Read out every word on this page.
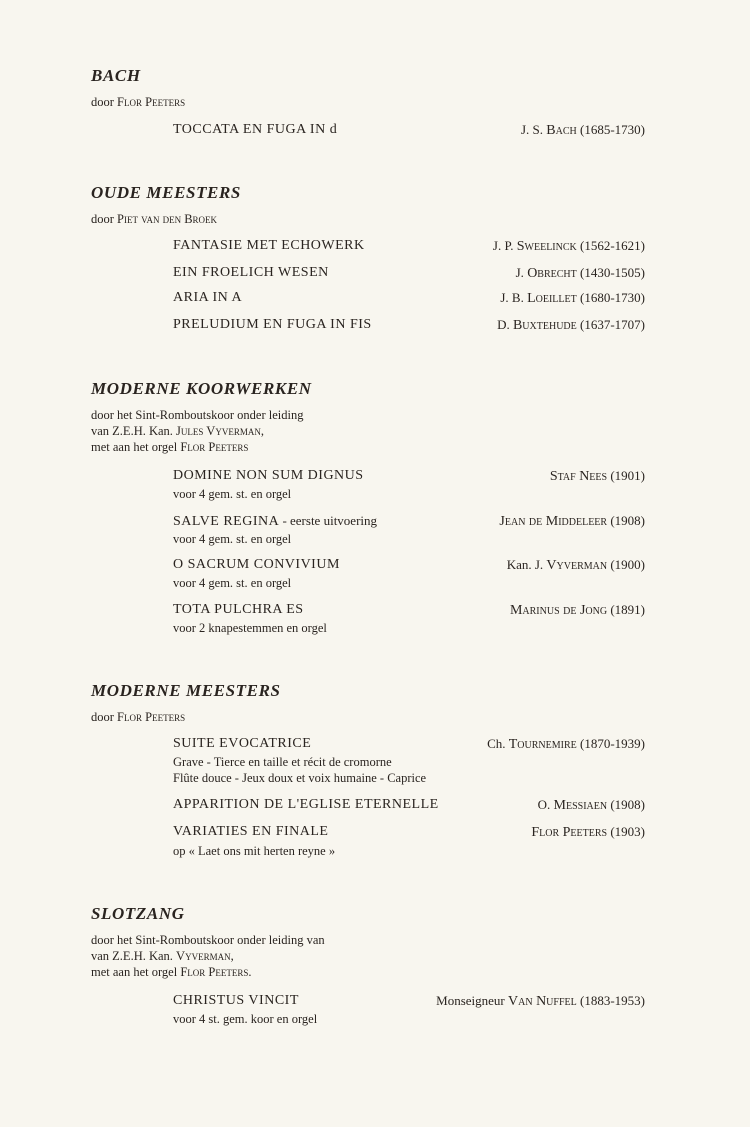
BACH
door Flor Peeters
TOCCATA EN FUGA IN d	J. S. Bach (1685-1730)
OUDE MEESTERS
door Piet van den Broek
FANTASIE MET ECHOWERK	J. P. Sweelinck (1562-1621)
EIN FROELICH WESEN	J. Obrecht (1430-1505)
ARIA IN A	J. B. Loeillet (1680-1730)
PRELUDIUM EN FUGA IN FIS	D. Buxtehude (1637-1707)
MODERNE KOORWERKEN
door het Sint-Romboutskoor onder leiding
van Z.E.H. Kan. Jules Vyverman,
met aan het orgel Flor Peeters
DOMINE NON SUM DIGNUS	Staf Nees (1901)
voor 4 gem. st. en orgel
SALVE REGINA - eerste uitvoering	Jean de Middeleer (1908)
voor 4 gem. st. en orgel
O SACRUM CONVIVIUM	Kan. J. Vyverman (1900)
voor 4 gem. st. en orgel
TOTA PULCHRA ES	Marinus de Jong (1891)
voor 2 knapestemmen en orgel
MODERNE MEESTERS
door Flor Peeters
SUITE EVOCATRICE	Ch. Tournemire (1870-1939)
Grave - Tierce en taille et récit de cromorne
Flûte douce - Jeux doux et voix humaine - Caprice
APPARITION DE L'EGLISE ETERNELLE	O. Messiaen (1908)
VARIATIES EN FINALE	Flor Peeters (1903)
op « Laet ons mit herten reyne »
SLOTZANG
door het Sint-Romboutskoor onder leiding van
van Z.E.H. Kan. Vyverman,
met aan het orgel Flor Peeters.
CHRISTUS VINCIT	Monseigneur Van Nuffel (1883-1953)
voor 4 st. gem. koor en orgel
